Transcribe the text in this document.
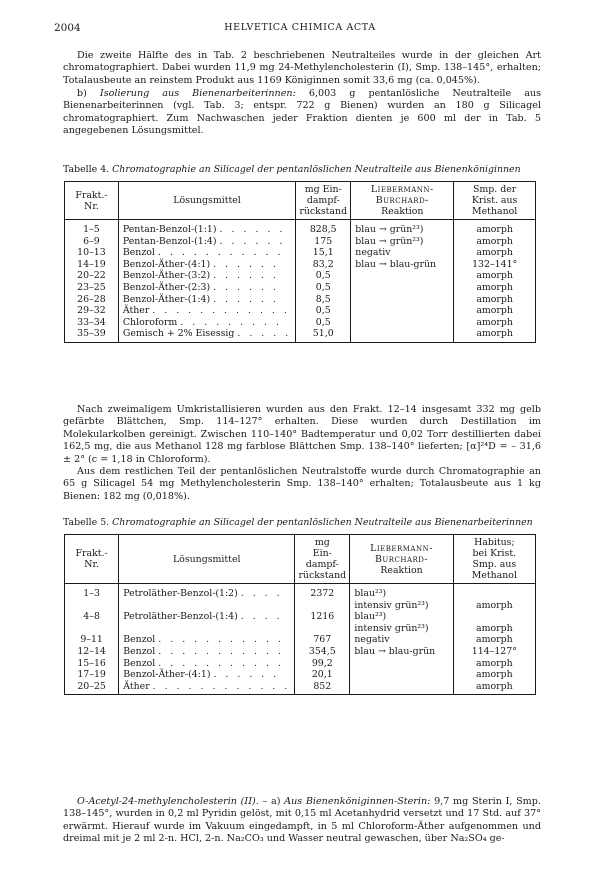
2004	HELVETICA CHIMICA ACTA

Die zweite Hälfte des in Tab. 2 beschriebenen Neutralteiles wurde in der gleichen Art chromatographiert. Dabei wurden 11,9 mg 24-Methylencholesterin (I), Smp. 138–145°, erhalten; Totalausbeute an reinstem Produkt aus 1169 Königinnen somit 33,6 mg (ca. 0,045%).

b) Isolierung aus Bienenarbeiterinnen: 6,003 g pentanlösliche Neutralteile aus Bienenarbeiterinnen (vgl. Tab. 3; entspr. 722 g Bienen) wurden an 180 g Silicagel chromatographiert. Zum Nachwaschen jeder Fraktion dienten je 600 ml der in Tab. 5 angegebenen Lösungsmittel.

Tabelle 4. Chromatographie an Silicagel der pentanlöslichen Neutralteile aus Bienenköniginnen
Frakt.-
Nr.	Lösungsmittel	mg Ein-
dampf-
rückstand	Liebermann-
Burchard-
Reaktion	Smp. der
Krist. aus
Methanol

1–5	Pentan-Benzol-(1:1) . . . . . .	828,5	blau → grün²³)	amorph
6–9	Pentan-Benzol-(1:4) . . . . . .	175	blau → grün²³)	amorph
10–13	Benzol . . . . . . . . . . .	15,1	negativ	amorph
14–19	Benzol-Äther-(4:1) . . . . . .	83,2	blau → blau-grün	132–141°
20–22	Benzol-Äther-(3:2) . . . . . .	0,5		amorph
23–25	Benzol-Äther-(2:3) . . . . . .	0,5		amorph
26–28	Benzol-Äther-(1:4) . . . . . .	8,5		amorph
29–32	Äther . . . . . . . . . . . .	0,5		amorph
33–34	Chloroform . . . . . . . . .	0,5		amorph
35–39	Gemisch + 2% Eisessig . . . . .	51,0		amorph

Nach zweimaligem Umkristallisieren wurden aus den Frakt. 12–14 insgesamt 332 mg gelb gefärbte Blättchen, Smp. 114–127° erhalten. Diese wurden durch Destillation im Molekularkolben gereinigt. Zwischen 110–140° Badtemperatur und 0,02 Torr destillierten dabei 162,5 mg, die aus Methanol 128 mg farblose Blättchen Smp. 138–140° lieferten; [α]²⁴D = – 31,6 ± 2° (c = 1,18 in Chloroform).

Aus dem restlichen Teil der pentanlöslichen Neutralstoffe wurde durch Chromatographie an 65 g Silicagel 54 mg Methylencholesterin Smp. 138–140° erhalten; Totalausbeute aus 1 kg Bienen: 182 mg (0,018%).

Tabelle 5. Chromatographie an Silicagel der pentanlöslichen Neutralteile aus Bienenarbeiterinnen
Frakt.-
Nr.	Lösungsmittel	mg
Ein-
dampf-
rückstand	Liebermann-
Burchard-
Reaktion	Habitus;
bei Krist.
Smp. aus
Methanol

1–3	Petroläther-Benzol-(1:2) . . . .	2372	blau²³)
intensiv grün²³)	amorph

4–8	Petroläther-Benzol-(1:4) . . . .	1216	blau²³)
intensiv grün²³)	amorph

9–11	Benzol . . . . . . . . . . .	767	negativ	amorph

12–14	Benzol . . . . . . . . . . .	354,5	blau → blau-grün	114–127°

15–16	Benzol . . . . . . . . . . .	99,2		amorph

17–19	Benzol-Äther-(4:1) . . . . . .	20,1		amorph

20–25	Äther . . . . . . . . . . . .	852		amorph

O-Acetyl-24-methylencholesterin (II). – a) Aus Bienenköniginnen-Sterin: 9,7 mg Sterin I, Smp. 138–145°, wurden in 0,2 ml Pyridin gelöst, mit 0,15 ml Acetanhydrid versetzt und 17 Std. auf 37° erwärmt. Hierauf wurde im Vakuum eingedampft, in 5 ml Chloroform-Äther aufgenommen und dreimal mit je 2 ml 2-n. HCl, 2-n. Na₂CO₃ und Wasser neutral gewaschen, über Na₂SO₄ ge-
